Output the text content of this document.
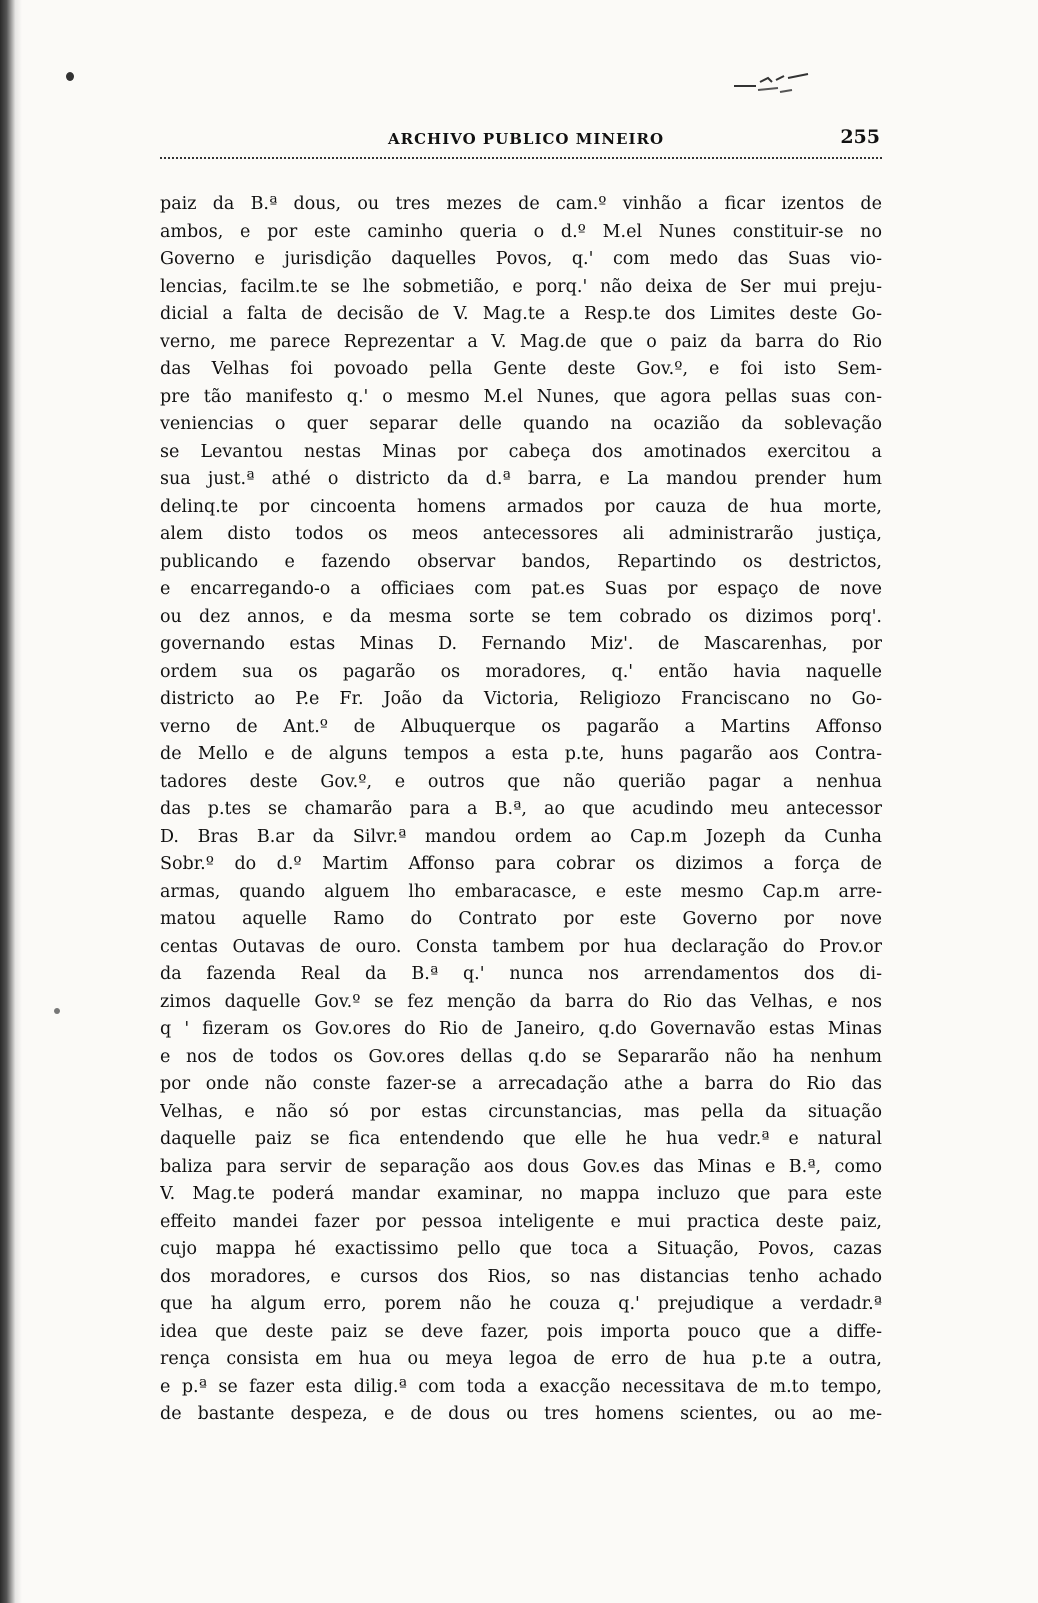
ARCHIVO PUBLICO MINEIRO	255
paiz da B.ª dous, ou tres mezes de cam.º vinhão a ficar izentos de
ambos, e por este caminho queria o d.º M.el Nunes constituir-se no
Governo e jurisdição daquelles Povos, q.' com medo das Suas vio-
lencias, facilm.te se lhe sobmetião, e porq.' não deixa de Ser mui preju-
dicial a falta de decisão de V. Mag.te a Resp.te dos Limites deste Go-
verno, me parece Reprezentar a V. Mag.de que o paiz da barra do Rio
das Velhas foi povoado pella Gente deste Gov.º, e foi isto Sem-
pre tão manifesto q.' o mesmo M.el Nunes, que agora pellas suas con-
veniencias o quer separar delle quando na ocazião da soblevação
se Levantou nestas Minas por cabeça dos amotinados exercitou a
sua just.ª athé o districto da d.ª barra, e La mandou prender hum
delinq.te por cincoenta homens armados por cauza de hua morte,
alem disto todos os meos antecessores ali administrarão justiça,
publicando e fazendo observar bandos, Repartindo os destrictos,
e encarregando-o a officiaes com pat.es Suas por espaço de nove
ou dez annos, e da mesma sorte se tem cobrado os dizimos porq'.
governando estas Minas D. Fernando Miz'. de Mascarenhas, por
ordem sua os pagarão os moradores, q.' então havia naquelle
districto ao P.e Fr. João da Victoria, Religiozo Franciscano no Go-
verno de Ant.º de Albuquerque os pagarão a Martins Affonso
de Mello e de alguns tempos a esta p.te, huns pagarão aos Contra-
tadores deste Gov.º, e outros que não querião pagar a nenhua
das p.tes se chamarão para a B.ª, ao que acudindo meu antecessor
D. Bras B.ar da Silvr.ª mandou ordem ao Cap.m Jozeph da Cunha
Sobr.º do d.º Martim Affonso para cobrar os dizimos a força de
armas, quando alguem lho embaracasce, e este mesmo Cap.m arre-
matou aquelle Ramo do Contrato por este Governo por nove
centas Outavas de ouro. Consta tambem por hua declaração do Prov.or
da fazenda Real da B.ª q.' nunca nos arrendamentos dos di-
zimos daquelle Gov.º se fez menção da barra do Rio das Velhas, e nos
q ' fizeram os Gov.ores do Rio de Janeiro, q.do Governavão estas Minas
e nos de todos os Gov.ores dellas q.do se Separarão não ha nenhum
por onde não conste fazer-se a arrecadação athe a barra do Rio das
Velhas, e não só por estas circunstancias, mas pella da situação
daquelle paiz se fica entendendo que elle he hua vedr.ª e natural
baliza para servir de separação aos dous Gov.es das Minas e B.ª, como
V. Mag.te poderá mandar examinar, no mappa incluzo que para este
effeito mandei fazer por pessoa inteligente e mui practica deste paiz,
cujo mappa hé exactissimo pello que toca a Situação, Povos, cazas
dos moradores, e cursos dos Rios, so nas distancias tenho achado
que ha algum erro, porem não he couza q.' prejudique a verdadr.ª
idea que deste paiz se deve fazer, pois importa pouco que a diffe-
rença consista em hua ou meya legoa de erro de hua p.te a outra,
e p.ª se fazer esta dilig.ª com toda a exacção necessitava de m.to tempo,
de bastante despeza, e de dous ou tres homens scientes, ou ao me-
